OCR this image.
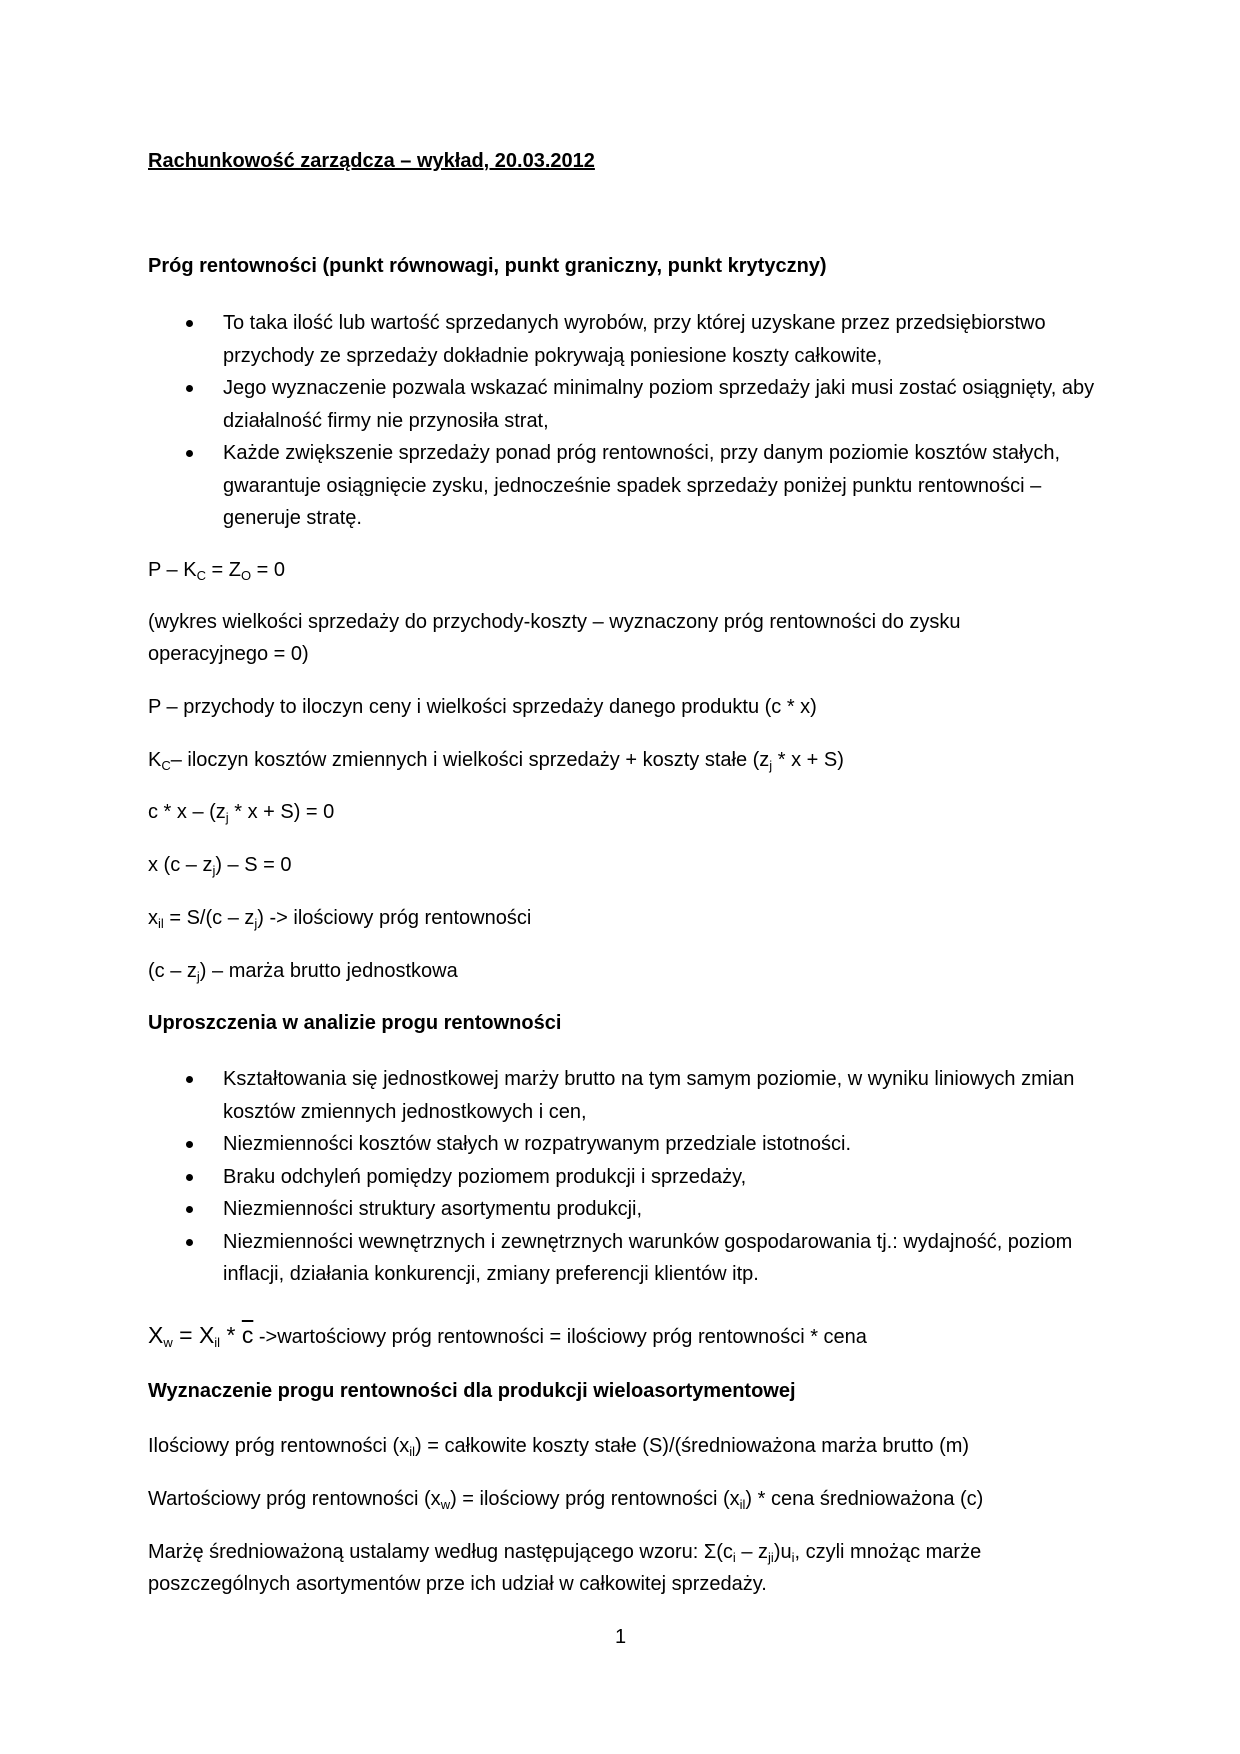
Rachunkowość zarządcza – wykład, 20.03.2012
Próg rentowności (punkt równowagi, punkt graniczny, punkt krytyczny)
To taka ilość lub wartość sprzedanych wyrobów, przy której uzyskane przez przedsiębiorstwo przychody ze sprzedaży dokładnie pokrywają poniesione koszty całkowite,
Jego wyznaczenie pozwala wskazać minimalny poziom sprzedaży jaki musi zostać osiągnięty, aby działalność firmy nie przynosiła strat,
Każde zwiększenie sprzedaży ponad próg rentowności, przy danym poziomie kosztów stałych, gwarantuje osiągnięcie zysku, jednocześnie spadek sprzedaży poniżej punktu rentowności – generuje stratę.
$P - K_C = Z_O = 0$
(wykres wielkości sprzedaży do przychody-koszty – wyznaczony próg rentowności do zysku operacyjnego = 0)
P – przychody to iloczyn ceny i wielkości sprzedaży danego produktu (c * x)
$K_C-$ iloczyn kosztów zmiennych i wielkości sprzedaży + koszty stałe $(z_j * x + S)$
$c * x - (z_j * x + S) = 0$
x $(c - z_j) - S = 0$
$x_{il} = S/(c - z_j)$ -> ilościowy próg rentowności
$(c - z_j)$ – marża brutto jednostkowa
Uproszczenia w analizie progu rentowności
Kształtowania się jednostkowej marży brutto na tym samym poziomie, w wyniku liniowych zmian kosztów zmiennych jednostkowych i cen,
Niezmienności kosztów stałych w rozpatrywanym przedziale istotności.
Braku odchyleń pomiędzy poziomem produkcji i sprzedaży,
Niezmienności struktury asortymentu produkcji,
Niezmienności wewnętrznych i zewnętrznych warunków gospodarowania tj.: wydajność, poziom inflacji, działania konkurencji, zmiany preferencji klientów itp.
$X_w = X_{il} * \overline{c}$ ->wartościowy próg rentowności = ilościowy próg rentowności * cena
Wyznaczenie progu rentowności dla produkcji wieloasortymentowej
Ilościowy próg rentowności $(x_{il})$ = całkowite koszty stałe (S)/(średnioważona marża brutto (m)
Wartościowy próg rentowności $(x_w)$ = ilościowy próg rentowności $(x_{il})$ * cena średnioważona (c)
Marżę średnioważoną ustalamy według następującego wzoru: $\Sigma(c_i - z_{ji})u_i$, czyli mnożąc marże poszczególnych asortymentów prze ich udział w całkowitej sprzedaży.
1
